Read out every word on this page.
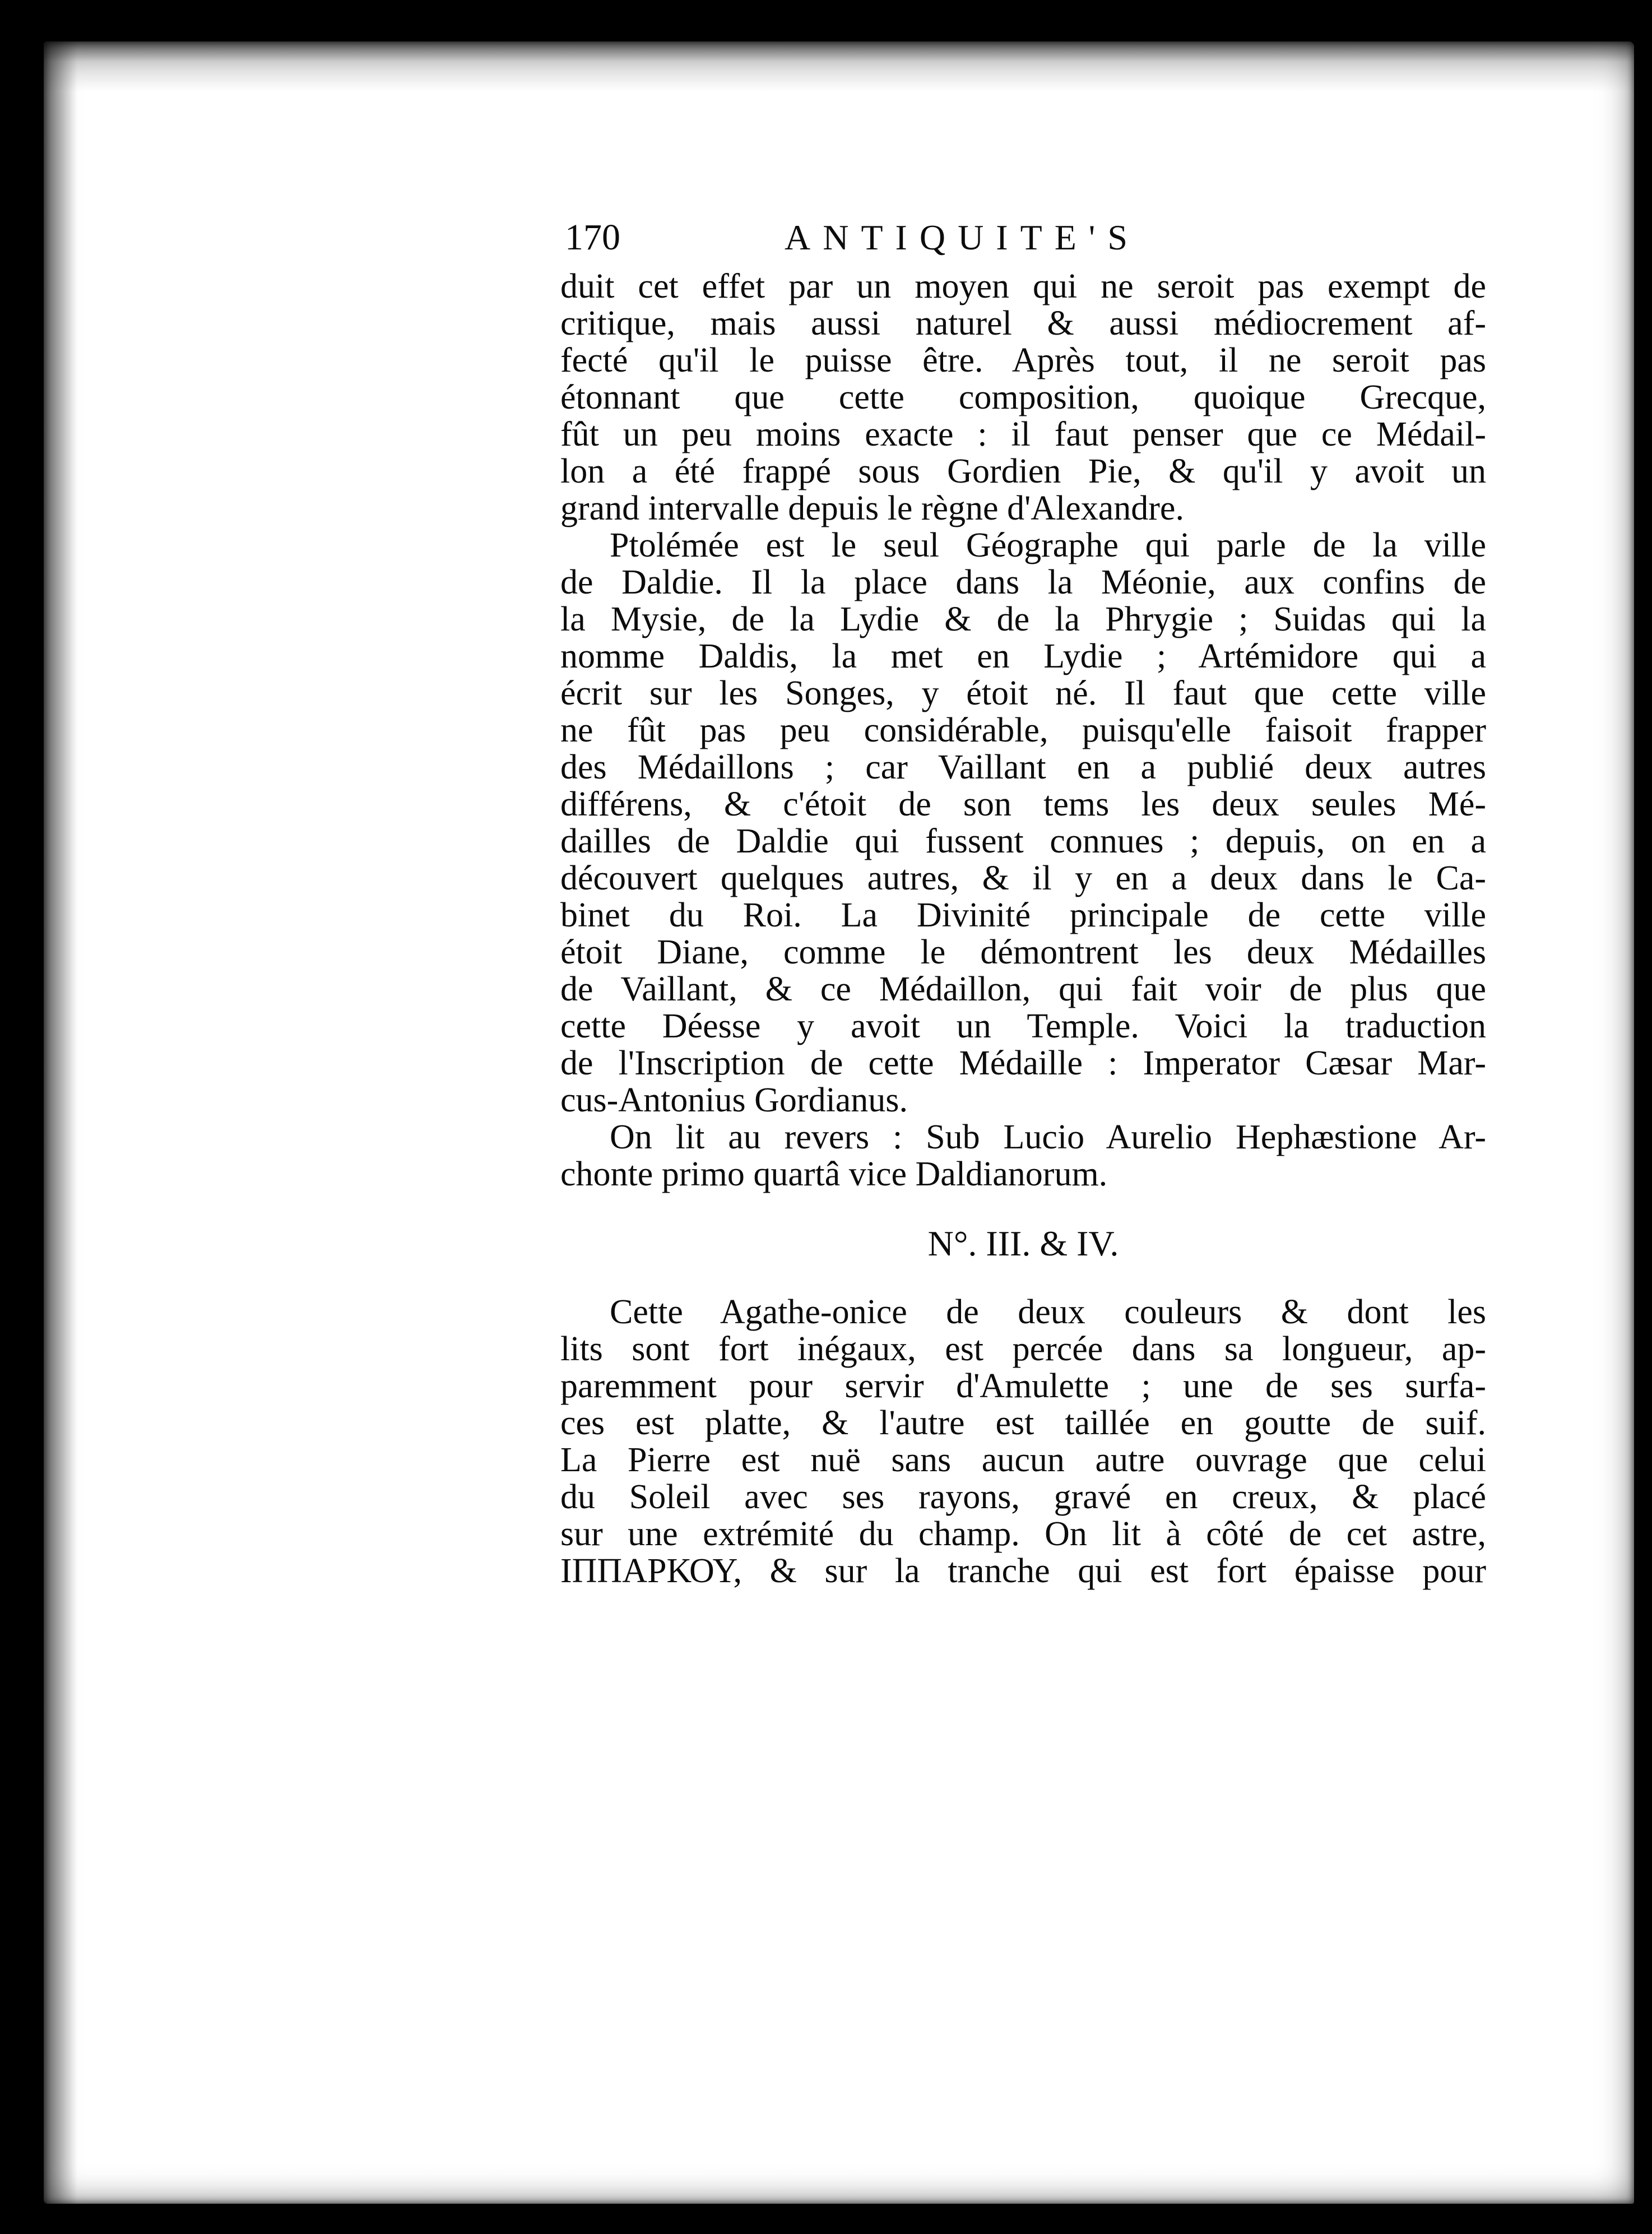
170	ANTIQUITE'S
duit cet effet par un moyen qui ne seroit pas exempt de
critique, mais aussi naturel & aussi médiocrement af-
fecté qu'il le puisse être. Après tout, il ne seroit pas
étonnant que cette composition, quoique Grecque,
fût un peu moins exacte : il faut penser que ce Médail-
lon a été frappé sous Gordien Pie, & qu'il y avoit un
grand intervalle depuis le règne d'Alexandre.
Ptolémée est le seul Géographe qui parle de la ville
de Daldie. Il la place dans la Méonie, aux confins de
la Mysie, de la Lydie & de la Phrygie ; Suidas qui la
nomme Daldis, la met en Lydie ; Artémidore qui a
écrit sur les Songes, y étoit né. Il faut que cette ville
ne fût pas peu considérable, puisqu'elle faisoit frapper
des Médaillons ; car Vaillant en a publié deux autres
différens, & c'étoit de son tems les deux seules Mé-
dailles de Daldie qui fussent connues ; depuis, on en a
découvert quelques autres, & il y en a deux dans le Ca-
binet du Roi. La Divinité principale de cette ville
étoit Diane, comme le démontrent les deux Médailles
de Vaillant, & ce Médaillon, qui fait voir de plus que
cette Déesse y avoit un Temple. Voici la traduction
de l'Inscription de cette Médaille : Imperator Cæsar Mar-
cus-Antonius Gordianus.
On lit au revers : Sub Lucio Aurelio Hephæstione Ar-
chonte primo quartâ vice Daldianorum.
N°. III. & IV.
Cette Agathe-onice de deux couleurs & dont les
lits sont fort inégaux, est percée dans sa longueur, ap-
paremment pour servir d'Amulette ; une de ses surfa-
ces est platte, & l'autre est taillée en goutte de suif.
La Pierre est nuë sans aucun autre ouvrage que celui
du Soleil avec ses rayons, gravé en creux, & placé
sur une extrémité du champ. On lit à côté de cet astre,
ΙΠΠΑΡΚΟΥ, & sur la tranche qui est fort épaisse pour
